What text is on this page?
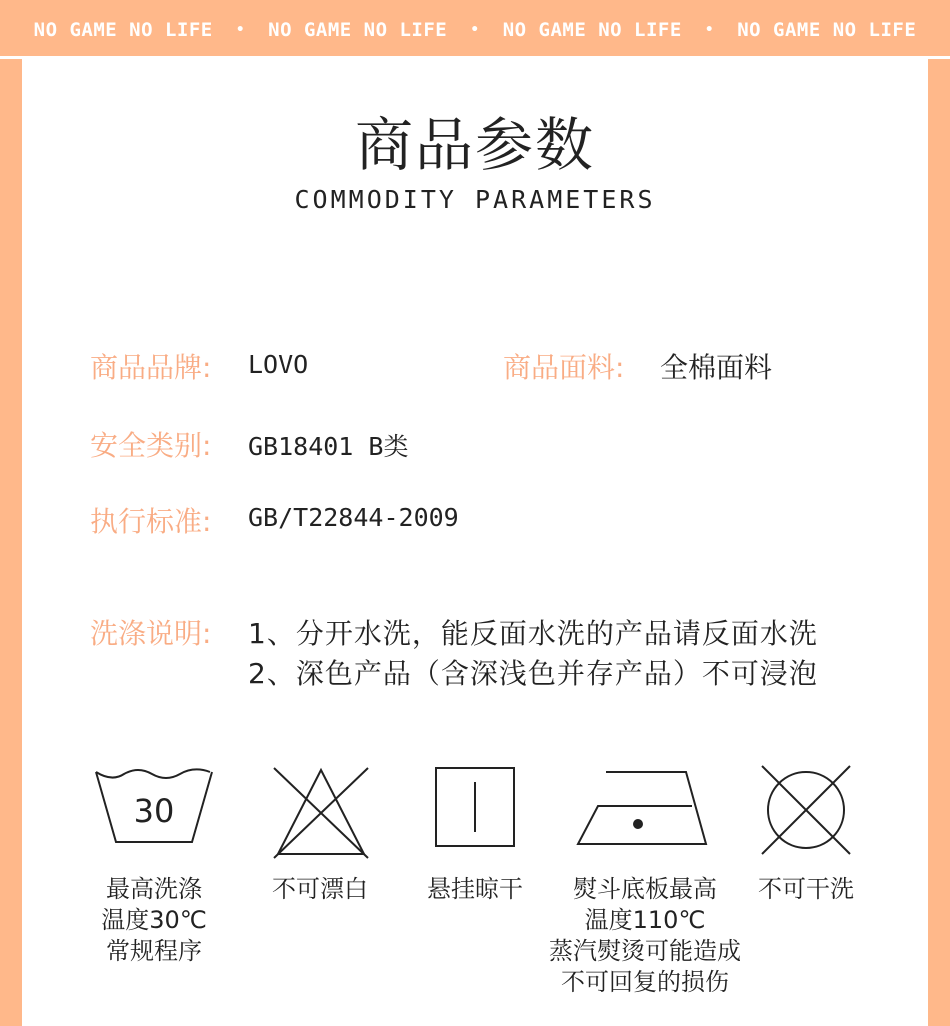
NO GAME NO LIFE • NO GAME NO LIFE • NO GAME NO LIFE • NO GAME NO LIFE
商品参数
COMMODITY PARAMETERS
商品品牌: LOVO	商品面料: 全棉面料
安全类别: GB18401 B类
执行标准: GB/T22844-2009
洗涤说明: 1、分开水洗，能反面水洗的产品请反面水洗
2、深色产品（含深浅色并存产品）不可浸泡
30
最高洗涤
温度30℃
常规程序
不可漂白	悬挂晾干	熨斗底板最高
温度110℃
蒸汽熨烫可能造成
不可回复的损伤
不可干洗
